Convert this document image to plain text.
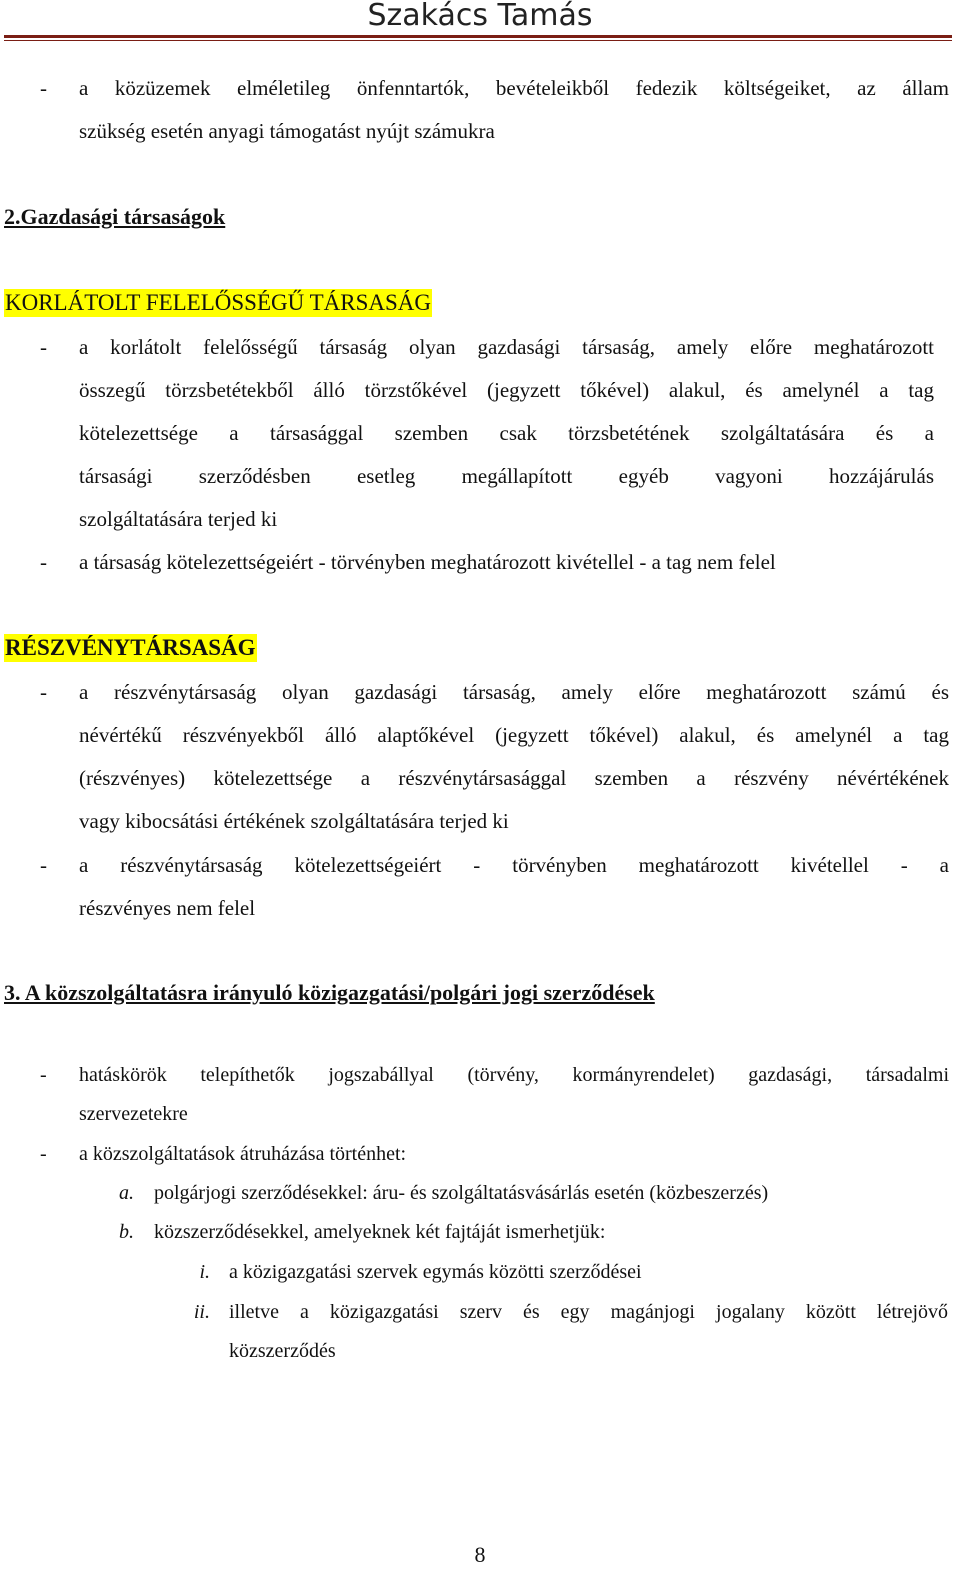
Szakács Tamás
- a közüzemek elméletileg önfenntartók, bevételeikből fedezik költségeiket, az állam
szükség esetén anyagi támogatást nyújt számukra
2.Gazdasági társaságok
KORLÁTOLT FELELŐSSÉGŰ TÁRSASÁG
- a korlátolt felelősségű társaság olyan gazdasági társaság, amely előre meghatározott
összegű törzsbetétekből álló törzstőkével (jegyzett tőkével) alakul, és amelynél a tag
kötelezettsége a társasággal szemben csak törzsbetétének szolgáltatására és a
társasági szerződésben esetleg megállapított egyéb vagyoni hozzájárulás
szolgáltatására terjed ki
- a társaság kötelezettségeiért - törvényben meghatározott kivétellel - a tag nem felel
RÉSZVÉNYTÁRSASÁG
- a részvénytársaság olyan gazdasági társaság, amely előre meghatározott számú és
névértékű részvényekből álló alaptőkével (jegyzett tőkével) alakul, és amelynél a tag
(részvényes) kötelezettsége a részvénytársasággal szemben a részvény névértékének
vagy kibocsátási értékének szolgáltatására terjed ki
- a részvénytársaság kötelezettségeiért - törvényben meghatározott kivétellel - a
részvényes nem felel
3. A közszolgáltatásra irányuló közigazgatási/polgári jogi szerződések
- hatáskörök telepíthetők jogszabállyal (törvény, kormányrendelet) gazdasági, társadalmi
szervezetekre
- a közszolgáltatások átruházása történhet:
a. polgárjogi szerződésekkel: áru- és szolgáltatásvásárlás esetén (közbeszerzés)
b. közszerződésekkel, amelyeknek két fajtáját ismerhetjük:
i. a közigazgatási szervek egymás közötti szerződései
ii. illetve a közigazgatási szerv és egy magánjogi jogalany között létrejövő
közszerződés
8
